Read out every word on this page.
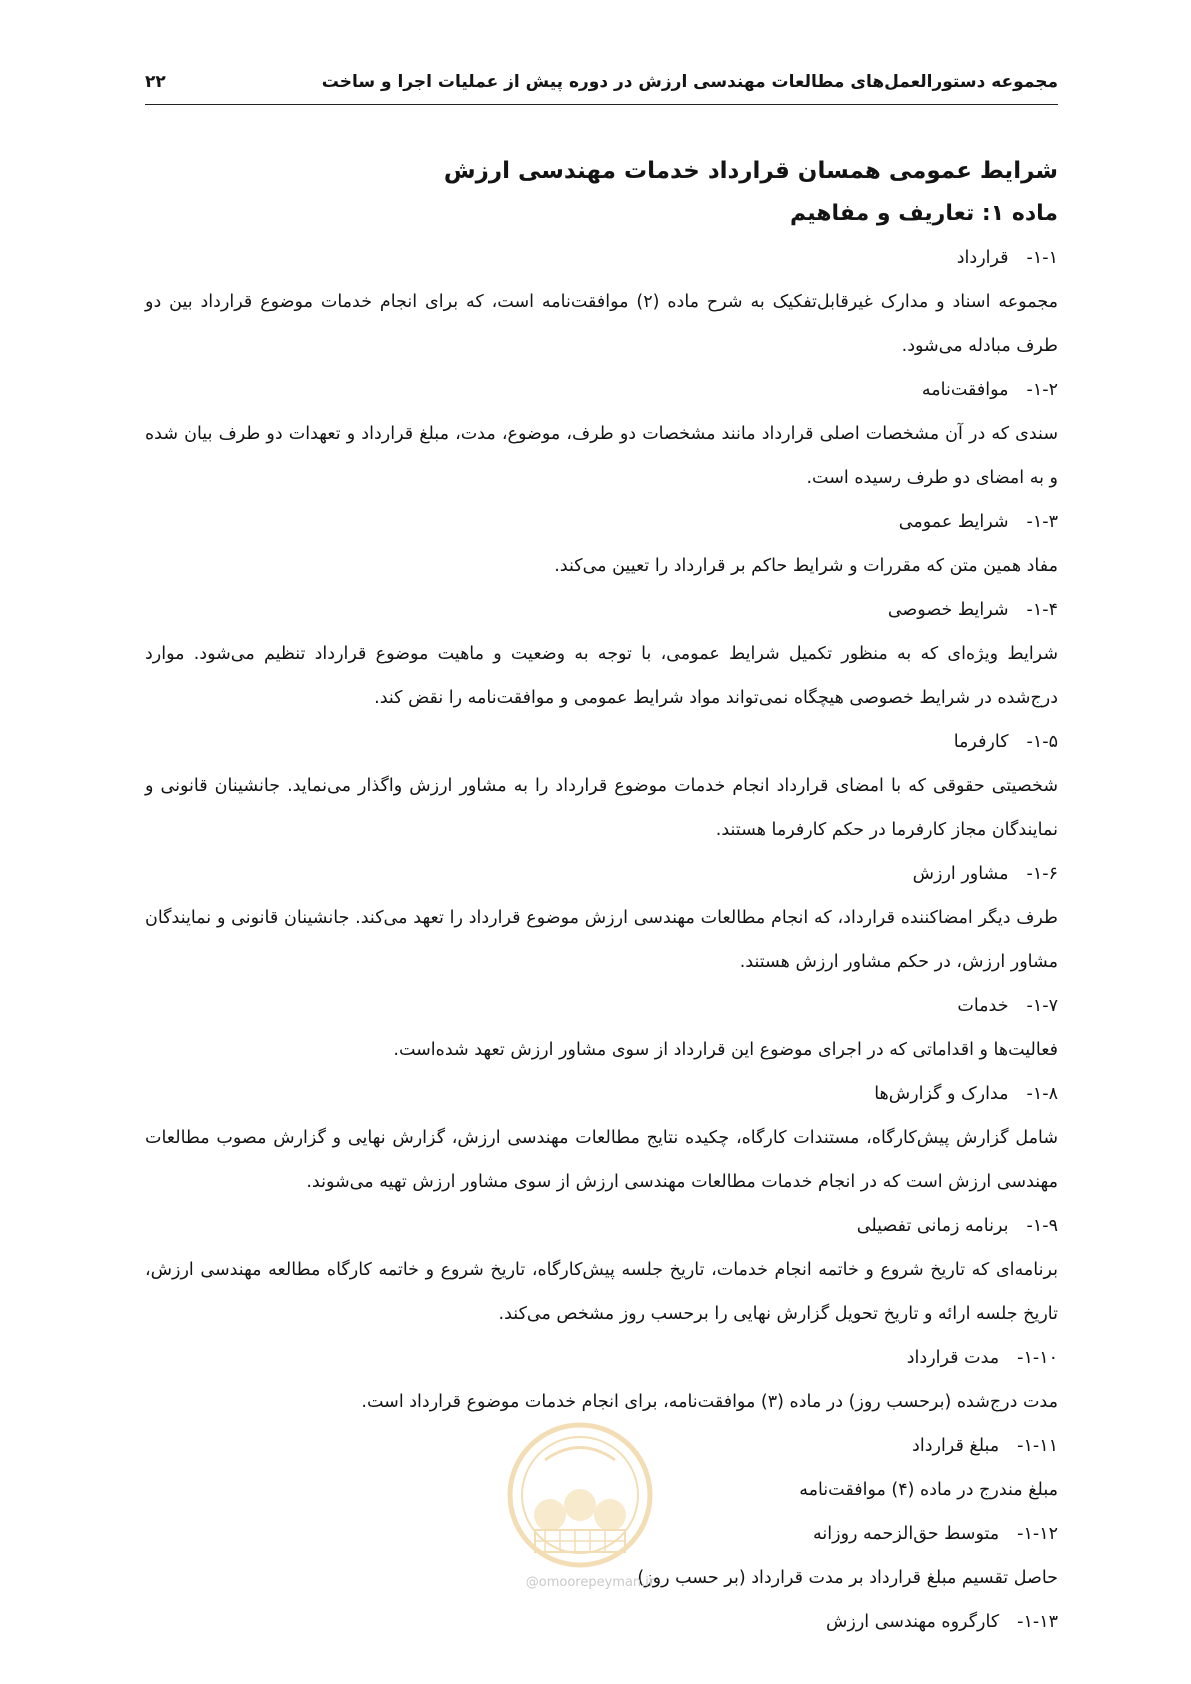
مجموعه دستورالعمل‌های مطالعات مهندسی ارزش در دوره پیش از عملیات اجرا و ساخت
۲۲

شرایط عمومی همسان قرارداد خدمات مهندسی ارزش

ماده ۱: تعاریف و مفاهیم

۱-۱-قرارداد

مجموعه اسناد و مدارک غیرقابل‌تفکیک به شرح ماده (۲) موافقت‌نامه است، که برای انجام خدمات موضوع قرارداد بین دو طرف مبادله می‌شود.

۱-۲-موافقت‌نامه

سندی که در آن مشخصات اصلی قرارداد مانند مشخصات دو طرف، موضوع، مدت، مبلغ قرارداد و تعهدات دو طرف بیان شده و به امضای دو طرف رسیده است.

۱-۳-شرایط عمومی

مفاد همین متن که مقررات و شرایط حاکم بر قرارداد را تعیین می‌کند.

۱-۴-شرایط خصوصی

شرایط ویژه‌ای که به منظور تکمیل شرایط عمومی، با توجه به وضعیت و ماهیت موضوع قرارداد تنظیم می‌شود. موارد درج‌شده در شرایط خصوصی هیچگاه نمی‌تواند مواد شرایط عمومی و موافقت‌نامه را نقض کند.

۱-۵-کارفرما

شخصیتی حقوقی که با امضای قرارداد انجام خدمات موضوع قرارداد را به مشاور ارزش واگذار می‌نماید. جانشینان قانونی و نمایندگان مجاز کارفرما در حکم کارفرما هستند.

۱-۶-مشاور ارزش

طرف دیگر امضاکننده قرارداد، که انجام مطالعات مهندسی ارزش موضوع قرارداد را تعهد می‌کند. جانشینان قانونی و نمایندگان مشاور ارزش، در حکم مشاور ارزش هستند.

۱-۷-خدمات

فعالیت‌ها و اقداماتی که در اجرای موضوع این قرارداد از سوی مشاور ارزش تعهد شده‌است.

۱-۸-مدارک و گزارش‌ها

شامل گزارش پیش‌کارگاه، مستندات کارگاه، چکیده نتایج مطالعات مهندسی ارزش، گزارش نهایی و گزارش مصوب مطالعات مهندسی ارزش است که در انجام خدمات مطالعات مهندسی ارزش از سوی مشاور ارزش تهیه می‌شوند.

۱-۹-برنامه زمانی تفصیلی

برنامه‌ای که تاریخ شروع و خاتمه انجام خدمات، تاریخ جلسه پیش‌کارگاه، تاریخ شروع و خاتمه کارگاه مطالعه مهندسی ارزش، تاریخ جلسه ارائه و تاریخ تحویل گزارش نهایی را برحسب روز مشخص می‌کند.

۱-۱۰-مدت قرارداد

مدت درج‌شده (برحسب روز) در ماده (۳) موافقت‌نامه، برای انجام خدمات موضوع قرارداد است.

۱-۱۱-مبلغ قرارداد

مبلغ مندرج در ماده (۴) موافقت‌نامه

۱-۱۲-متوسط حق‌الزحمه روزانه

حاصل تقسیم مبلغ قرارداد بر مدت قرارداد (بر حسب روز)

۱-۱۳-کارگروه مهندسی ارزش

@omoorepeyman.ir
